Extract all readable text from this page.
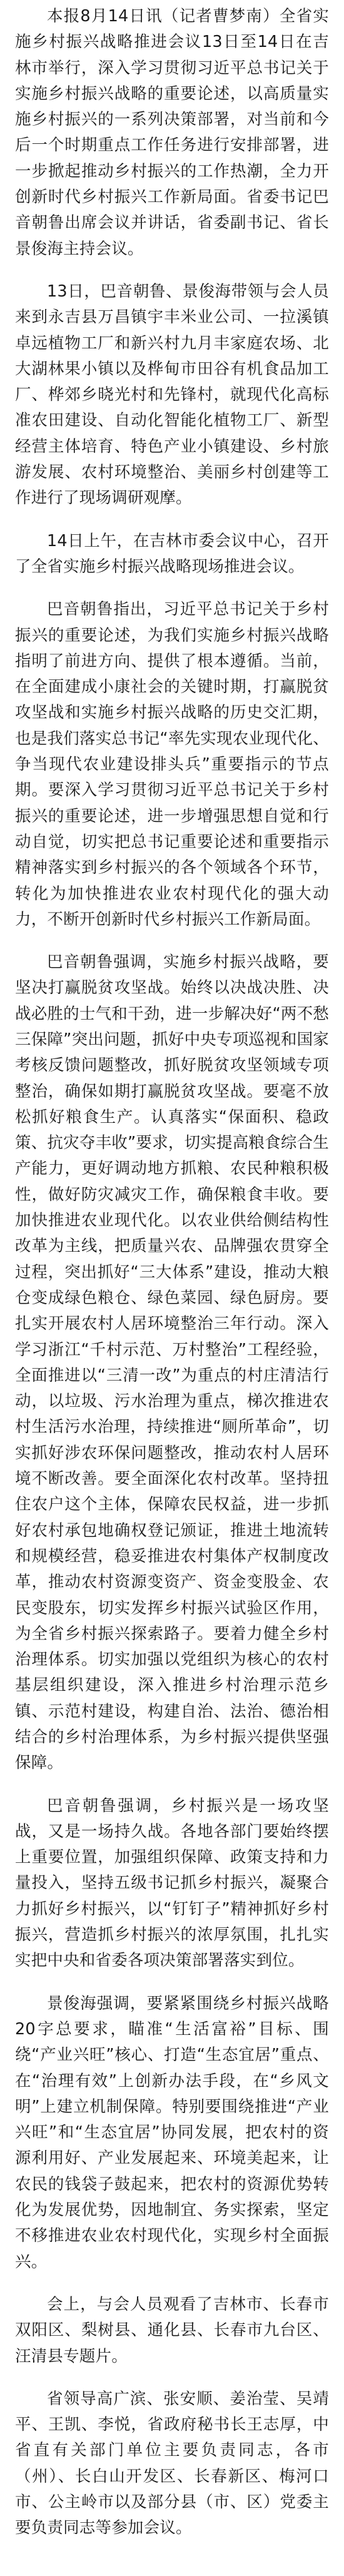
本报8月14日讯（记者曹梦南）全省实施乡村振兴战略推进会议13日至14日在吉林市举行，深入学习贯彻习近平总书记关于实施乡村振兴战略的重要论述，以高质量实施乡村振兴的一系列决策部署，对当前和今后一个时期重点工作任务进行安排部署，进一步掀起推动乡村振兴的工作热潮，全力开创新时代乡村振兴工作新局面。省委书记巴音朝鲁出席会议并讲话，省委副书记、省长景俊海主持会议。

13日，巴音朝鲁、景俊海带领与会人员来到永吉县万昌镇宇丰米业公司、一拉溪镇卓远植物工厂和新兴村九月丰家庭农场、北大湖林果小镇以及桦甸市田谷有机食品加工厂、桦郊乡晓光村和先锋村，就现代化高标准农田建设、自动化智能化植物工厂、新型经营主体培育、特色产业小镇建设、乡村旅游发展、农村环境整治、美丽乡村创建等工作进行了现场调研观摩。

14日上午，在吉林市委会议中心，召开了全省实施乡村振兴战略现场推进会议。

巴音朝鲁指出，习近平总书记关于乡村振兴的重要论述，为我们实施乡村振兴战略指明了前进方向、提供了根本遵循。当前，在全面建成小康社会的关键时期，打赢脱贫攻坚战和实施乡村振兴战略的历史交汇期，也是我们落实总书记“率先实现农业现代化、争当现代农业建设排头兵”重要指示的节点期。要深入学习贯彻习近平总书记关于乡村振兴的重要论述，进一步增强思想自觉和行动自觉，切实把总书记重要论述和重要指示精神落实到乡村振兴的各个领域各个环节，转化为加快推进农业农村现代化的强大动力，不断开创新时代乡村振兴工作新局面。

巴音朝鲁强调，实施乡村振兴战略，要坚决打赢脱贫攻坚战。始终以决战决胜、决战必胜的士气和干劲，进一步解决好“两不愁三保障”突出问题，抓好中央专项巡视和国家考核反馈问题整改，抓好脱贫攻坚领域专项整治，确保如期打赢脱贫攻坚战。要毫不放松抓好粮食生产。认真落实“保面积、稳政策、抗灾夺丰收”要求，切实提高粮食综合生产能力，更好调动地方抓粮、农民种粮积极性，做好防灾减灾工作，确保粮食丰收。要加快推进农业现代化。以农业供给侧结构性改革为主线，把质量兴农、品牌强农贯穿全过程，突出抓好“三大体系”建设，推动大粮仓变成绿色粮仓、绿色菜园、绿色厨房。要扎实开展农村人居环境整治三年行动。深入学习浙江“千村示范、万村整治”工程经验，全面推进以“三清一改”为重点的村庄清洁行动，以垃圾、污水治理为重点，梯次推进农村生活污水治理，持续推进“厕所革命”，切实抓好涉农环保问题整改，推动农村人居环境不断改善。要全面深化农村改革。坚持扭住农户这个主体，保障农民权益，进一步抓好农村承包地确权登记颁证，推进土地流转和规模经营，稳妥推进农村集体产权制度改革，推动农村资源变资产、资金变股金、农民变股东，切实发挥乡村振兴试验区作用，为全省乡村振兴探索路子。要着力健全乡村治理体系。切实加强以党组织为核心的农村基层组织建设，深入推进乡村治理示范乡镇、示范村建设，构建自治、法治、德治相结合的乡村治理体系，为乡村振兴提供坚强保障。

巴音朝鲁强调，乡村振兴是一场攻坚战，又是一场持久战。各地各部门要始终摆上重要位置，加强组织保障、政策支持和力量投入，坚持五级书记抓乡村振兴，凝聚合力抓好乡村振兴，以“钉钉子”精神抓好乡村振兴，营造抓乡村振兴的浓厚氛围，扎扎实实把中央和省委各项决策部署落实到位。

景俊海强调，要紧紧围绕乡村振兴战略20字总要求，瞄准“生活富裕”目标、围绕“产业兴旺”核心、打造“生态宜居”重点、在“治理有效”上创新办法手段，在“乡风文明”上建立机制保障。特别要围绕推进“产业兴旺”和“生态宜居”协同发展，把农村的资源利用好、产业发展起来、环境美起来，让农民的钱袋子鼓起来，把农村的资源优势转化为发展优势，因地制宜、务实探索，坚定不移推进农业农村现代化，实现乡村全面振兴。

会上，与会人员观看了吉林市、长春市双阳区、梨树县、通化县、长春市九台区、汪清县专题片。

省领导高广滨、张安顺、姜治莹、吴靖平、王凯、李悦，省政府秘书长王志厚，中省直有关部门单位主要负责同志，各市（州）、长白山开发区、长春新区、梅河口市、公主岭市以及部分县（市、区）党委主要负责同志等参加会议。
